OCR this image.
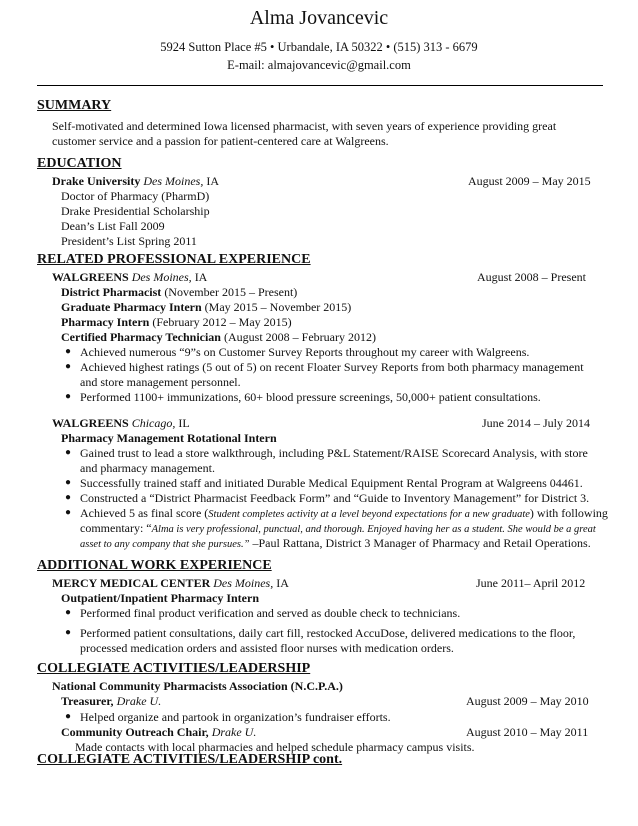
Alma Jovancevic
5924 Sutton Place #5 • Urbandale, IA 50322 • (515) 313 - 6679
E-mail: almajovancevic@gmail.com
SUMMARY
Self-motivated and determined Iowa licensed pharmacist, with seven years of experience providing great
customer service and a passion for patient-centered care at Walgreens.
EDUCATION
Drake University Des Moines, IA	August 2009 – May 2015
Doctor of Pharmacy (PharmD)
Drake Presidential Scholarship
Dean’s List Fall 2009
President’s List Spring 2011
RELATED PROFESSIONAL EXPERIENCE
WALGREENS Des Moines, IA	August 2008 – Present
District Pharmacist (November 2015 – Present)
Graduate Pharmacy Intern (May 2015 – November 2015)
Pharmacy Intern (February 2012 – May 2015)
Certified Pharmacy Technician (August 2008 – February 2012)
● Achieved numerous “9”s on Customer Survey Reports throughout my career with Walgreens.
● Achieved highest ratings (5 out of 5) on recent Floater Survey Reports from both pharmacy management
and store management personnel.
● Performed 1100+ immunizations, 60+ blood pressure screenings, 50,000+ patient consultations.
WALGREENS Chicago, IL	June 2014 – July 2014
Pharmacy Management Rotational Intern
● Gained trust to lead a store walkthrough, including P&L Statement/RAISE Scorecard Analysis, with store
and pharmacy management.
● Successfully trained staff and initiated Durable Medical Equipment Rental Program at Walgreens 04461.
● Constructed a “District Pharmacist Feedback Form” and “Guide to Inventory Management” for District 3.
● Achieved 5 as final score (Student completes activity at a level beyond expectations for a new graduate) with following
commentary: “Alma is very professional, punctual, and thorough. Enjoyed having her as a student. She would be a great
asset to any company that she pursues.” –Paul Rattana, District 3 Manager of Pharmacy and Retail Operations.
ADDITIONAL WORK EXPERIENCE
MERCY MEDICAL CENTER Des Moines, IA	June 2011– April 2012
Outpatient/Inpatient Pharmacy Intern
● Performed final product verification and served as double check to technicians.
● Performed patient consultations, daily cart fill, restocked AccuDose, delivered medications to the floor,
processed medication orders and assisted floor nurses with medication orders.
COLLEGIATE ACTIVITIES/LEADERSHIP
National Community Pharmacists Association (N.C.P.A.)
Treasurer, Drake U.	August 2009 – May 2010
● Helped organize and partook in organization’s fundraiser efforts.
Community Outreach Chair, Drake U.	August 2010 – May 2011
Made contacts with local pharmacies and helped schedule pharmacy campus visits.
COLLEGIATE ACTIVITIES/LEADERSHIP cont.
